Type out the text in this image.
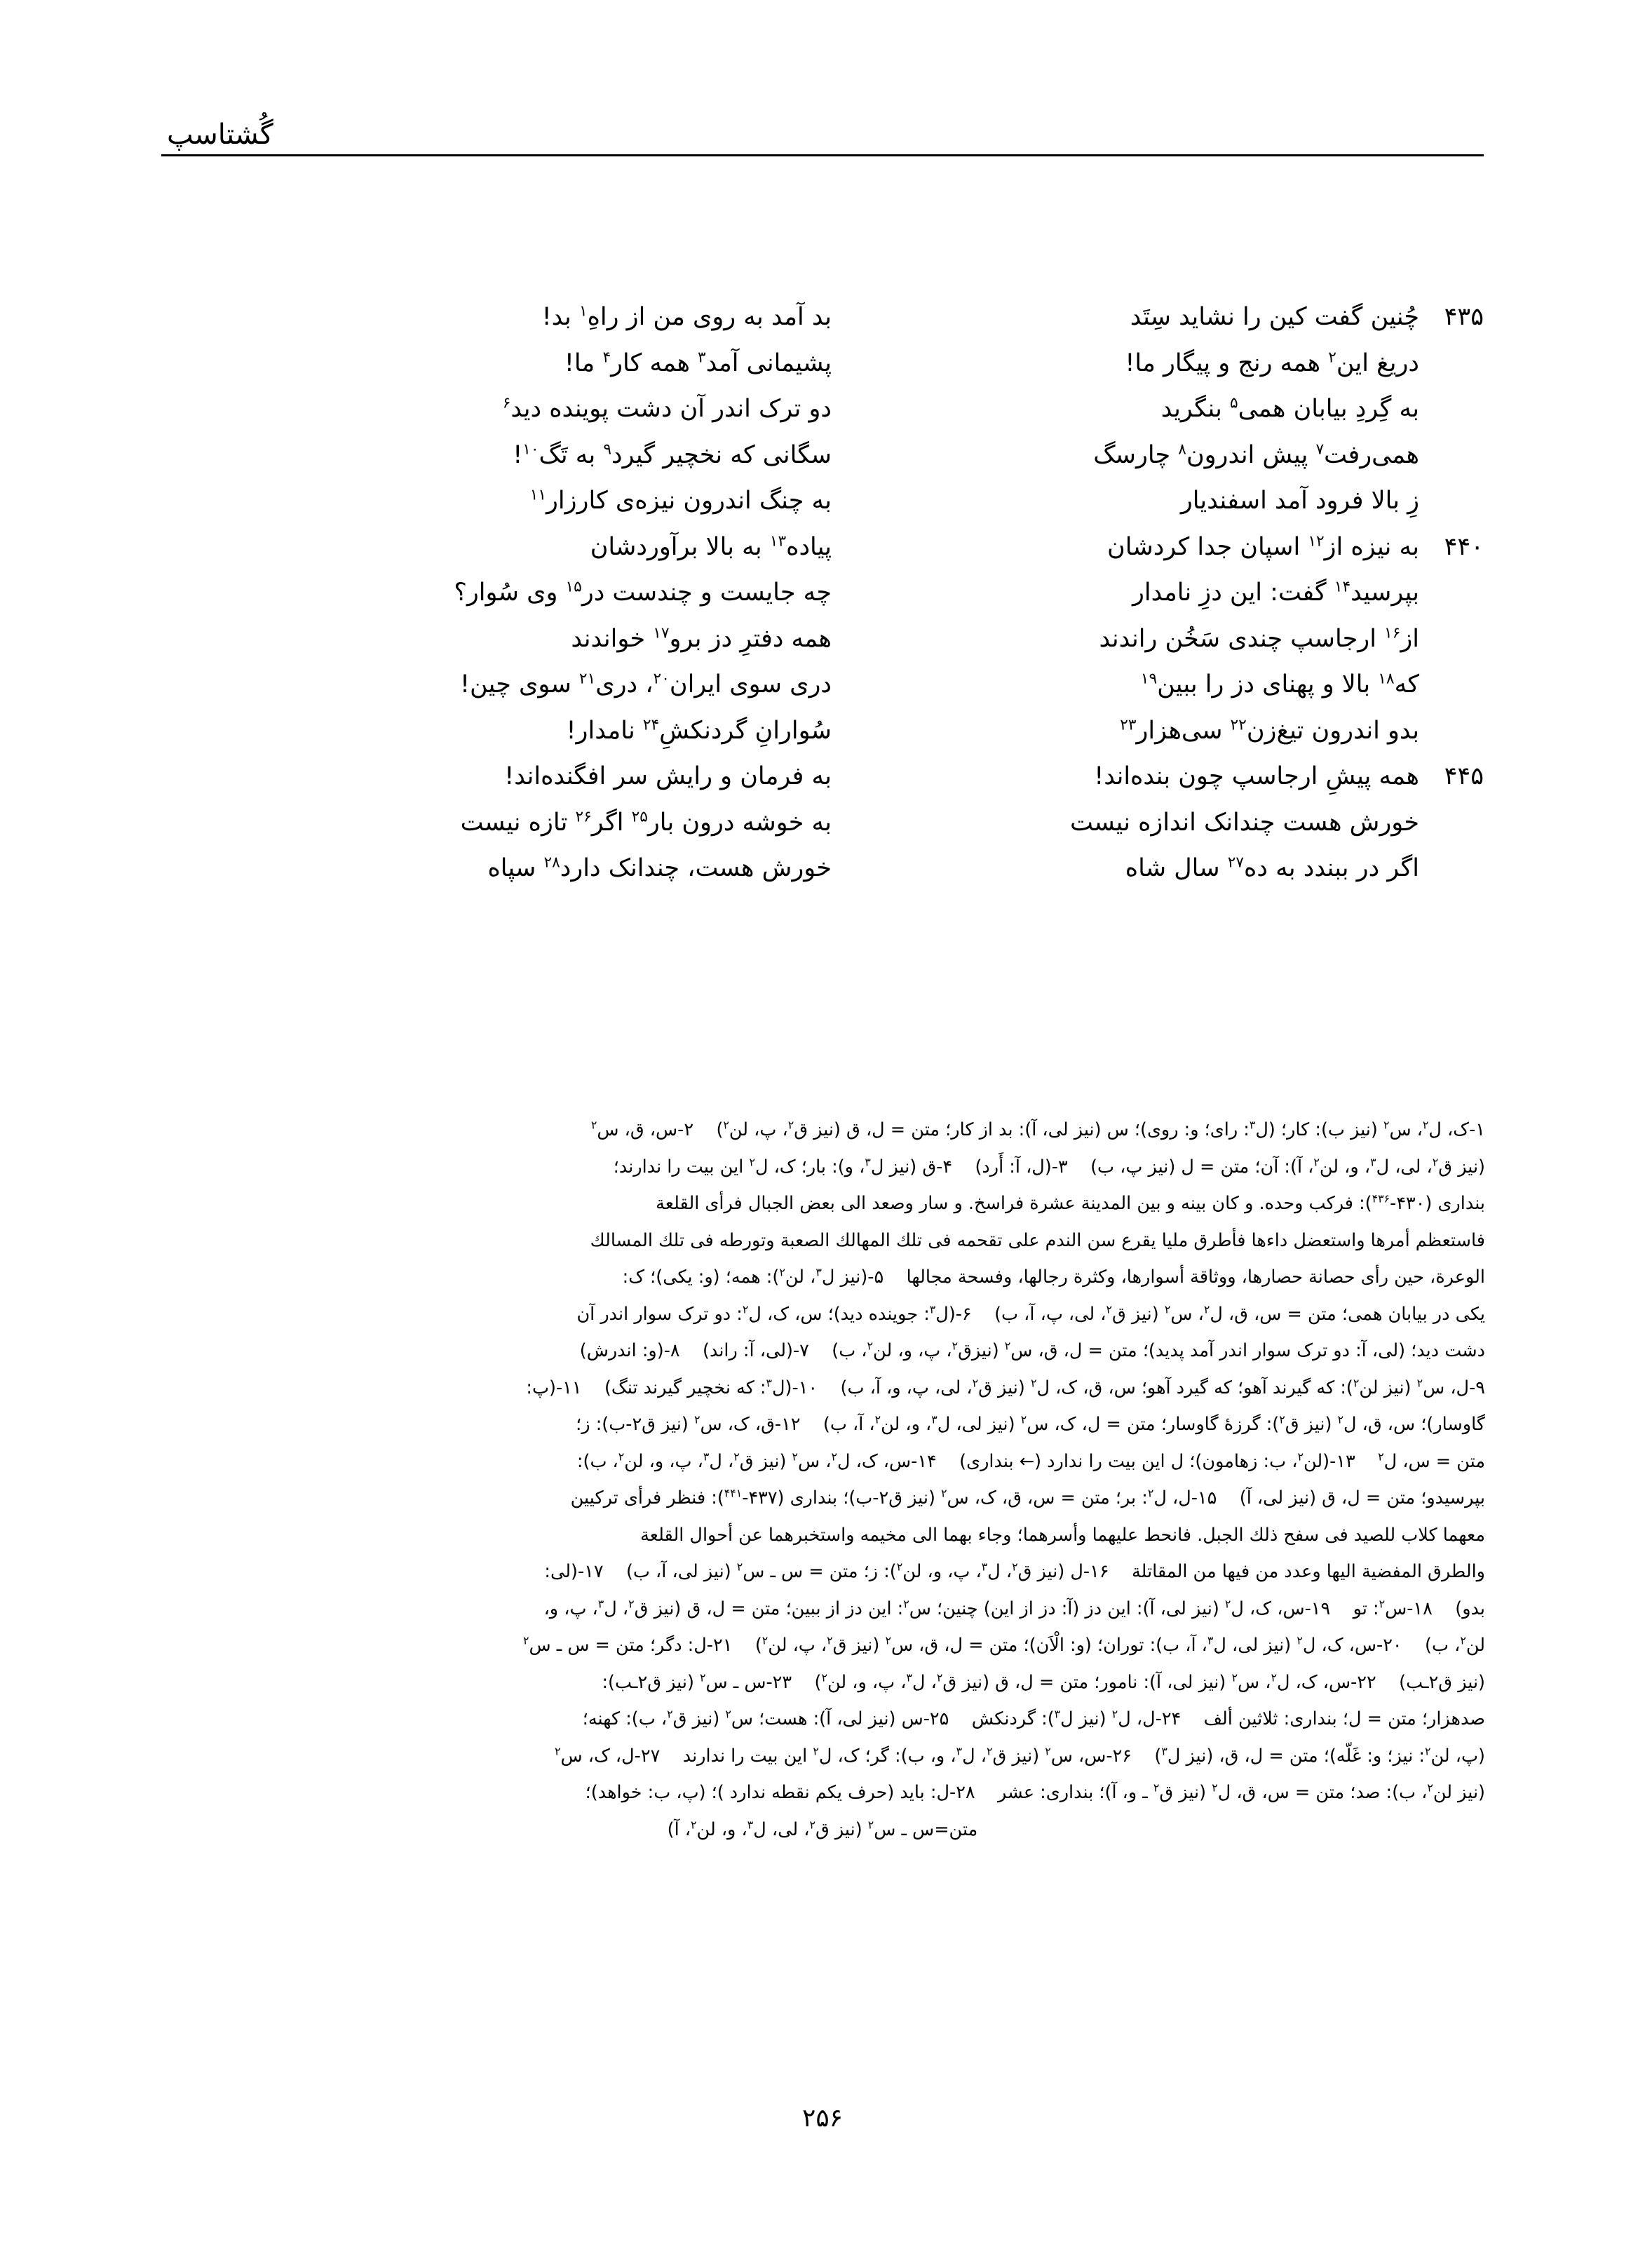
گُشتاسپ
۴۳۵
چُنین گفت کین را نشاید سِتَد
بد آمد به روی من از راهِ$^۱$ بد!
دریغ این$^۲$ همه رنج و پیگار ما!
پشیمانی آمد$^۳$ همه کار$^۴$ ما!
به گِردِ بیابان همی$^۵$ بنگرید
دو ترک اندر آن دشت پوینده دید$^۶$
همی‌رفت$^۷$ پیش اندرون$^۸$ چارسگ
سگانی که نخچیر گیرد$^۹$ به تَگ$^{۱۰}$!
زِ بالا فرود آمد اسفندیار
به چنگ اندرون نیزه‌ی کارزار$^{۱۱}$
۴۴۰
به نیزه از$^{۱۲}$ اسپان جدا کردشان
پیاده$^{۱۳}$ به بالا برآوردشان
بپرسید$^{۱۴}$ گفت: این دزِ نامدار
چه جایست و چندست در$^{۱۵}$ وی سُوار؟
از$^{۱۶}$ ارجاسپ چندی سَخُن راندند
همه دفترِ دز برو$^{۱۷}$ خواندند
که$^{۱۸}$ بالا و پهنای دز را ببین$^{۱۹}$
دری سوی ایران$^{۲۰}$، دری$^{۲۱}$ سوی چین!
بدو اندرون تیغ‌زن$^{۲۲}$ سی‌هزار$^{۲۳}$
سُوارانِ گردنکشِ$^{۲۴}$ نامدار!
۴۴۵
همه پیشِ ارجاسپ چون بنده‌اند!
به فرمان و رایش سر افگنده‌اند!
خورش هست چندانک اندازه نیست
به خوشه درون بار$^{۲۵}$ اگر$^{۲۶}$ تازه نیست
اگر در ببندد به ده$^{۲۷}$ سال شاه
خورش هست، چندانک دارد$^{۲۸}$ سپاه
۱-ک، ل$^۲$، س$^۲$ (نیز ب): کار؛ (ل$^۳$: رای؛ و: روی)؛ س (نیز لی، آ): بد از کار؛ متن = ل، ق (نیز ق$^۲$، پ، لن$^۲$)    ۲-س، ق، س$^۲$
(نیز ق$^۲$، لی، ل$^۳$، و، لن$^۲$، آ): آن؛ متن = ل (نیز پ، ب)    ۳-(ل، آ: أَرد)    ۴-ق (نیز ل$^۳$، و): بار؛ ک، ل$^۲$ این بیت را ندارند؛
بنداری (۴۳۰-$^{۴۳۶}$): فركب وحده. و كان بينه و بين المدينة عشرة فراسخ. و سار وصعد الى بعض الجبال فرأى القلعة
فاستعظم أمرها واستعضل داءها فأطرق مليا يقرع سن الندم على تقحمه فى تلك المهالك الصعبة وتورطه فى تلك المسالك
الوعرة، حين رأى حصانة حصارها، ووثاقة أسوارها، وكثرة رجالها، وفسحة مجالها    ۵-(نیز ل$^۳$، لن$^۲$): همه؛ (و: یکی)؛ ک:
یکی در بیابان همی؛ متن = س، ق، ل$^۲$، س$^۲$ (نیز ق$^۲$، لی، پ، آ، ب)    ۶-(ل$^۳$: جوینده دید)؛ س، ک، ل$^۲$: دو ترک سوار اندر آن
دشت دید؛ (لی، آ: دو ترک سوار اندر آمد پدید)؛ متن = ل، ق، س$^۲$ (نیزق$^۲$، پ، و، لن$^۲$، ب)    ۷-(لی، آ: راند)    ۸-(و: اندرش)
۹-ل، س$^۲$ (نیز لن$^۲$): که گیرند آهو؛ که گیرد آهو؛ س، ق، ک، ل$^۲$ (نیز ق$^۲$، لی، پ، و، آ، ب)    ۱۰-(ل$^۳$: که نخچیر گیرند تنگ)    ۱۱-(پ:
گاوسار)؛ س، ق، ل$^۲$ (نیز ق$^۲$): گرزهٔ گاوسار؛ متن = ل، ک، س$^۲$ (نیز لی، ل$^۳$، و، لن$^۲$، آ، ب)    ۱۲-ق، ک، س$^۲$ (نیز ق۲-ب): ز؛
متن = س، ل$^۲$    ۱۳-(لن$^۲$، ب: زهامون)؛ ل این بیت را ندارد (← بنداری)    ۱۴-س، ک، ل$^۲$، س$^۲$ (نیز ق$^۲$، ل$^۳$، پ، و، لن$^۲$، ب):
بپرسیدو؛ متن = ل، ق (نیز لی، آ)    ۱۵-ل، ل$^۲$: بر؛ متن = س، ق، ک، س$^۲$ (نیز ق۲-ب)؛ بنداری (۴۳۷-$^{۴۴۱}$): فنظر فرأى تركيين
معهما كلاب للصيد فى سفح ذلك الجبل. فانحط عليهما وأسرهما؛ وجاء بهما الى مخيمه واستخبرهما عن أحوال القلعة
والطرق المفضية اليها وعدد من فيها من المقاتلة    ۱۶-ل (نیز ق$^۲$، ل$^۳$، پ، و، لن$^۲$): ز؛ متن = س ـ س$^۲$ (نیز لی، آ، ب)    ۱۷-(لی:
بدو)    ۱۸-س$^۲$: تو    ۱۹-س، ک، ل$^۲$ (نیز لی، آ): این دز (آ: دز از این) چنین؛ س$^۲$: این دز از ببین؛ متن = ل، ق (نیز ق$^۲$، ل$^۳$، پ، و،
لن$^۲$، ب)    ۲۰-س، ک، ل$^۲$ (نیز لی، ل$^۳$، آ، ب): توران؛ (و: الْاَن)؛ متن = ل، ق، س$^۲$ (نیز ق$^۲$، پ، لن$^۲$)    ۲۱-ل: دگر؛ متن = س ـ س$^۲$
(نیز ق۲ـب)    ۲۲-س، ک، ل$^۲$، س$^۲$ (نیز لی، آ): نامور؛ متن = ل، ق (نیز ق$^۲$، ل$^۳$، پ، و، لن$^۲$)    ۲۳-س ـ س$^۲$ (نیز ق۲ـب):
صدهزار؛ متن = ل؛ بنداری: ثلاثين ألف    ۲۴-ل، ل$^۲$ (نیز ل$^۳$): گردنکش    ۲۵-س (نیز لی، آ): هست؛ س$^۲$ (نیز ق$^۲$، ب): کهنه؛
(پ، لن$^۲$: نیز؛ و: غَلّه)؛ متن = ل، ق، (نیز ل$^۳$)    ۲۶-س، س$^۲$ (نیز ق$^۲$، ل$^۳$، و، ب): گر؛ ک، ل$^۲$ این بیت را ندارند    ۲۷-ل، ک، س$^۲$
(نیز لن$^۲$، ب): صد؛ متن = س، ق، ل$^۲$ (نیز ق$^۲$ ـ و، آ)؛ بنداری: عشر    ۲۸-ل: باید (حرف یکم نقطه ندارد )؛ (پ، ب: خواهد)؛
متن=س ـ س$^۲$ (نیز ق$^۲$، لی، ل$^۳$، و، لن$^۲$، آ)
۲۵۶
